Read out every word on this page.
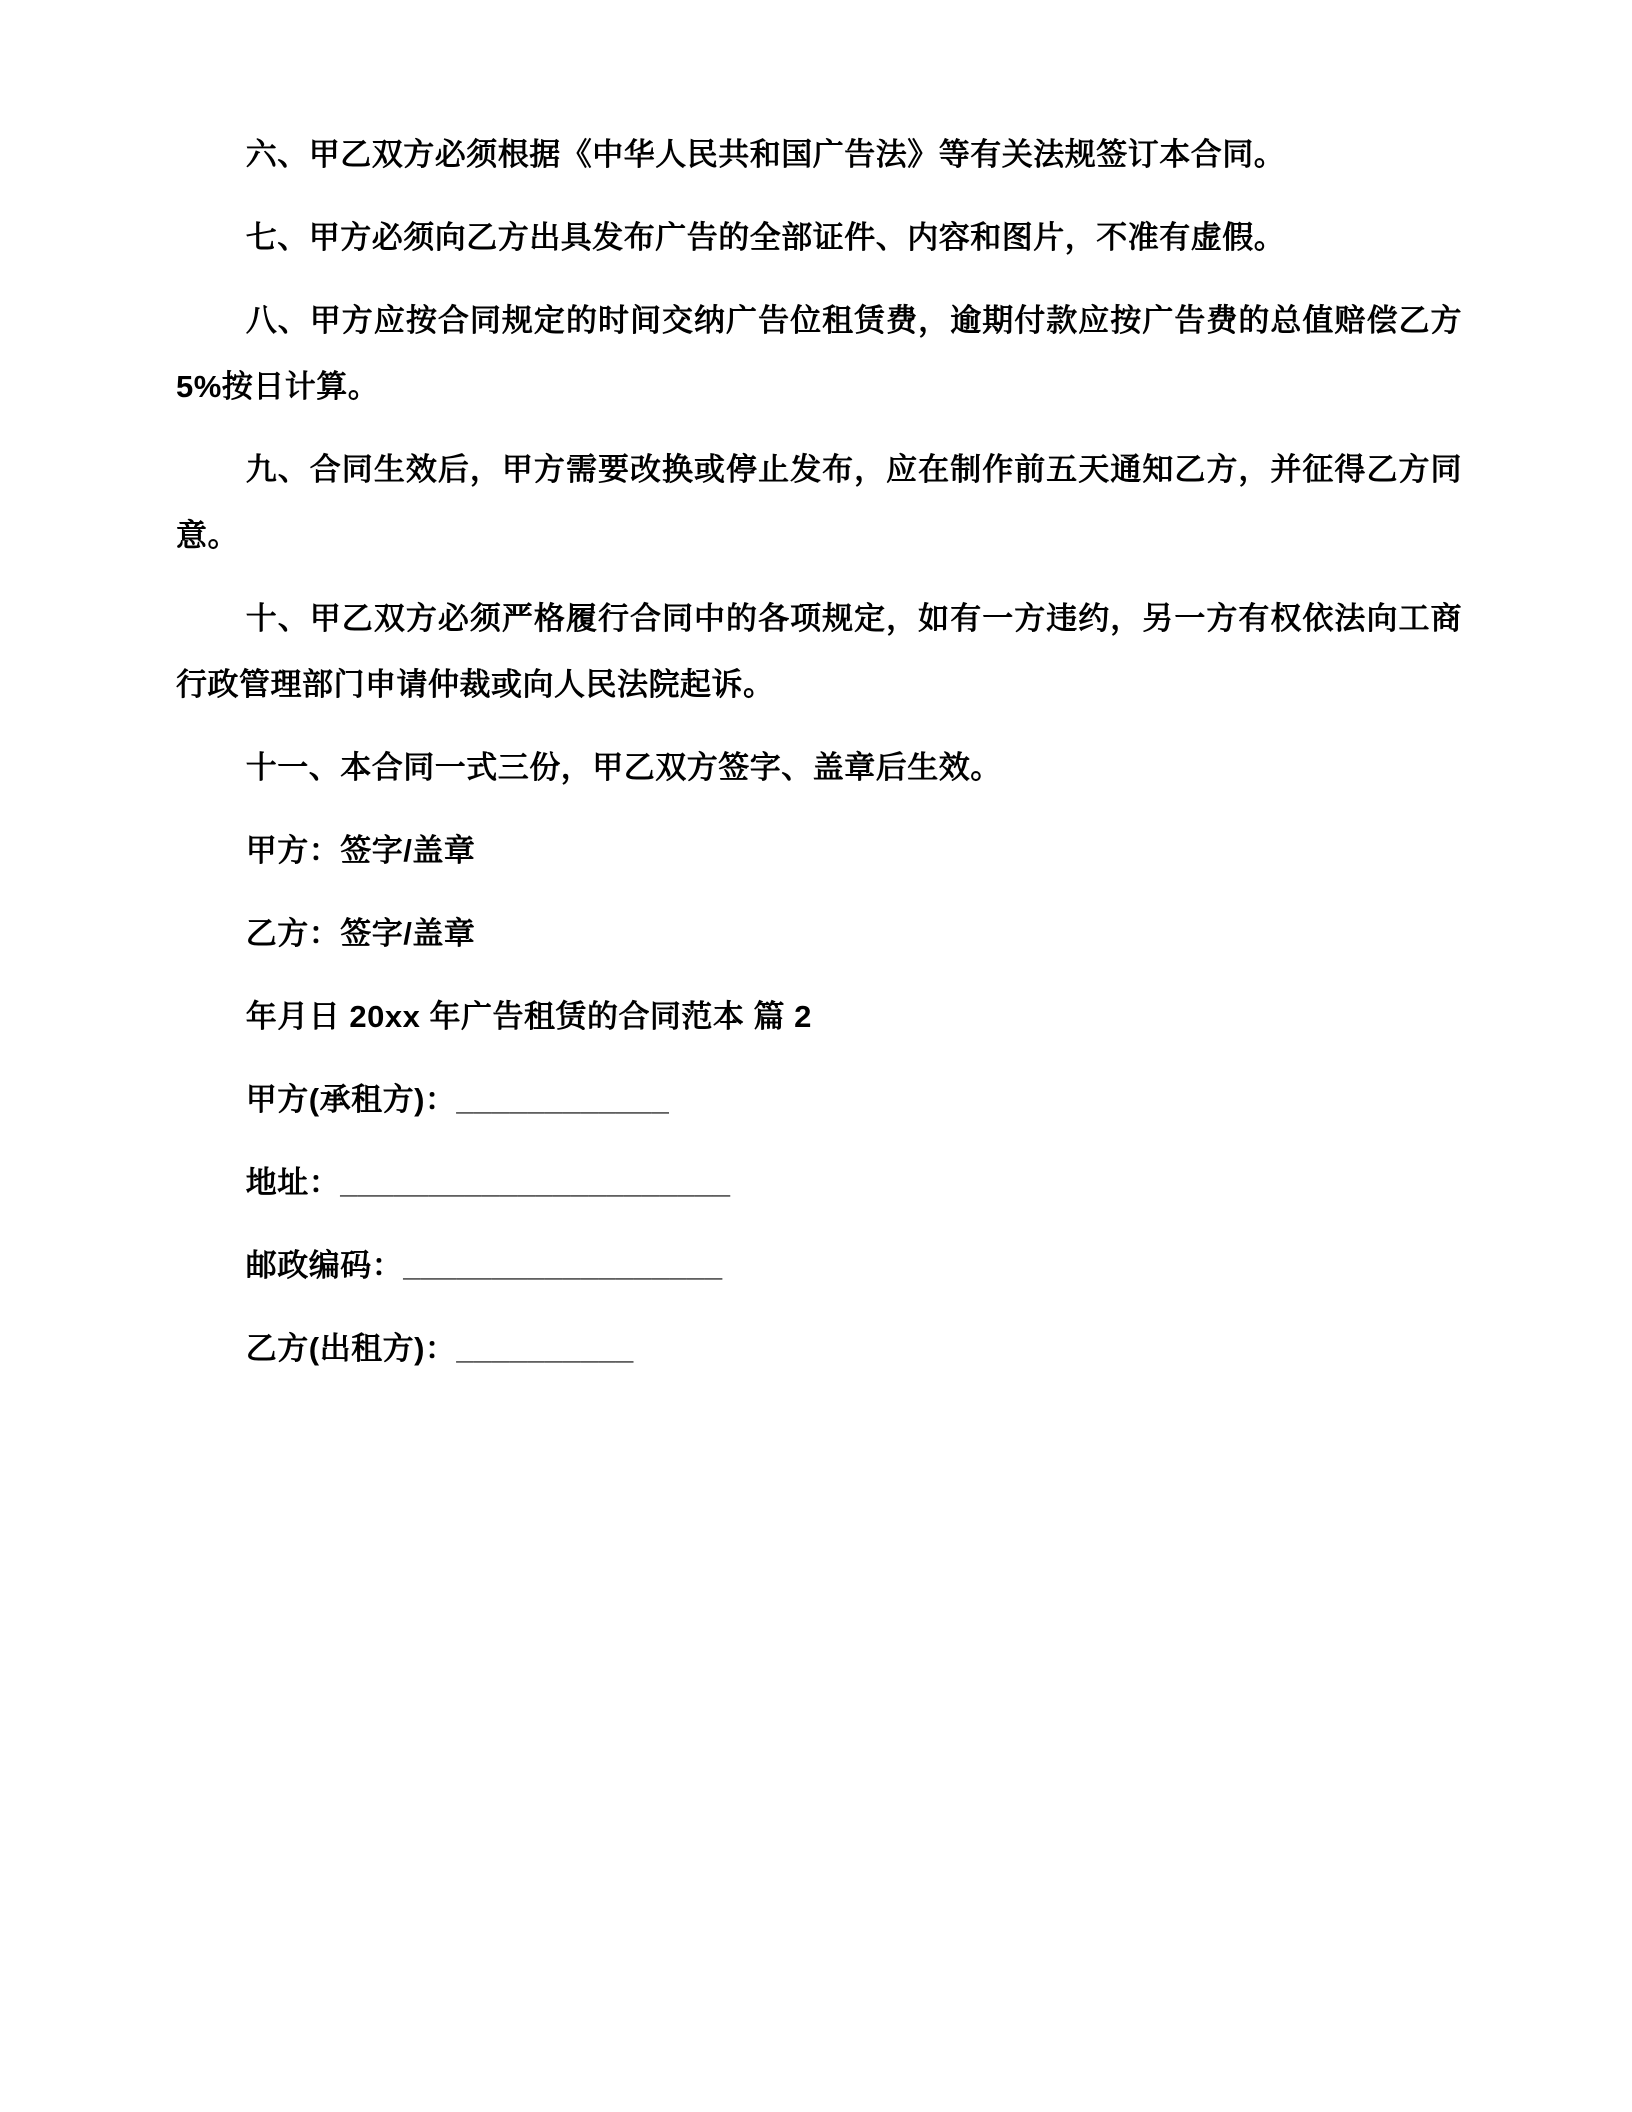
六、甲乙双方必须根据《中华人民共和国广告法》等有关法规签订本合同。

七、甲方必须向乙方出具发布广告的全部证件、内容和图片，不准有虚假。

八、甲方应按合同规定的时间交纳广告位租赁费，逾期付款应按广告费的总值赔偿乙方 5%按日计算。

九、合同生效后，甲方需要改换或停止发布，应在制作前五天通知乙方，并征得乙方同意。

十、甲乙双方必须严格履行合同中的各项规定，如有一方违约，另一方有权依法向工商行政管理部门申请仲裁或向人民法院起诉。

十一、本合同一式三份，甲乙双方签字、盖章后生效。

甲方：签字/盖章

乙方：签字/盖章

年月日 20xx 年广告租赁的合同范本 篇 2

甲方(承租方)：____________

地址：______________________

邮政编码：__________________

乙方(出租方)：__________
